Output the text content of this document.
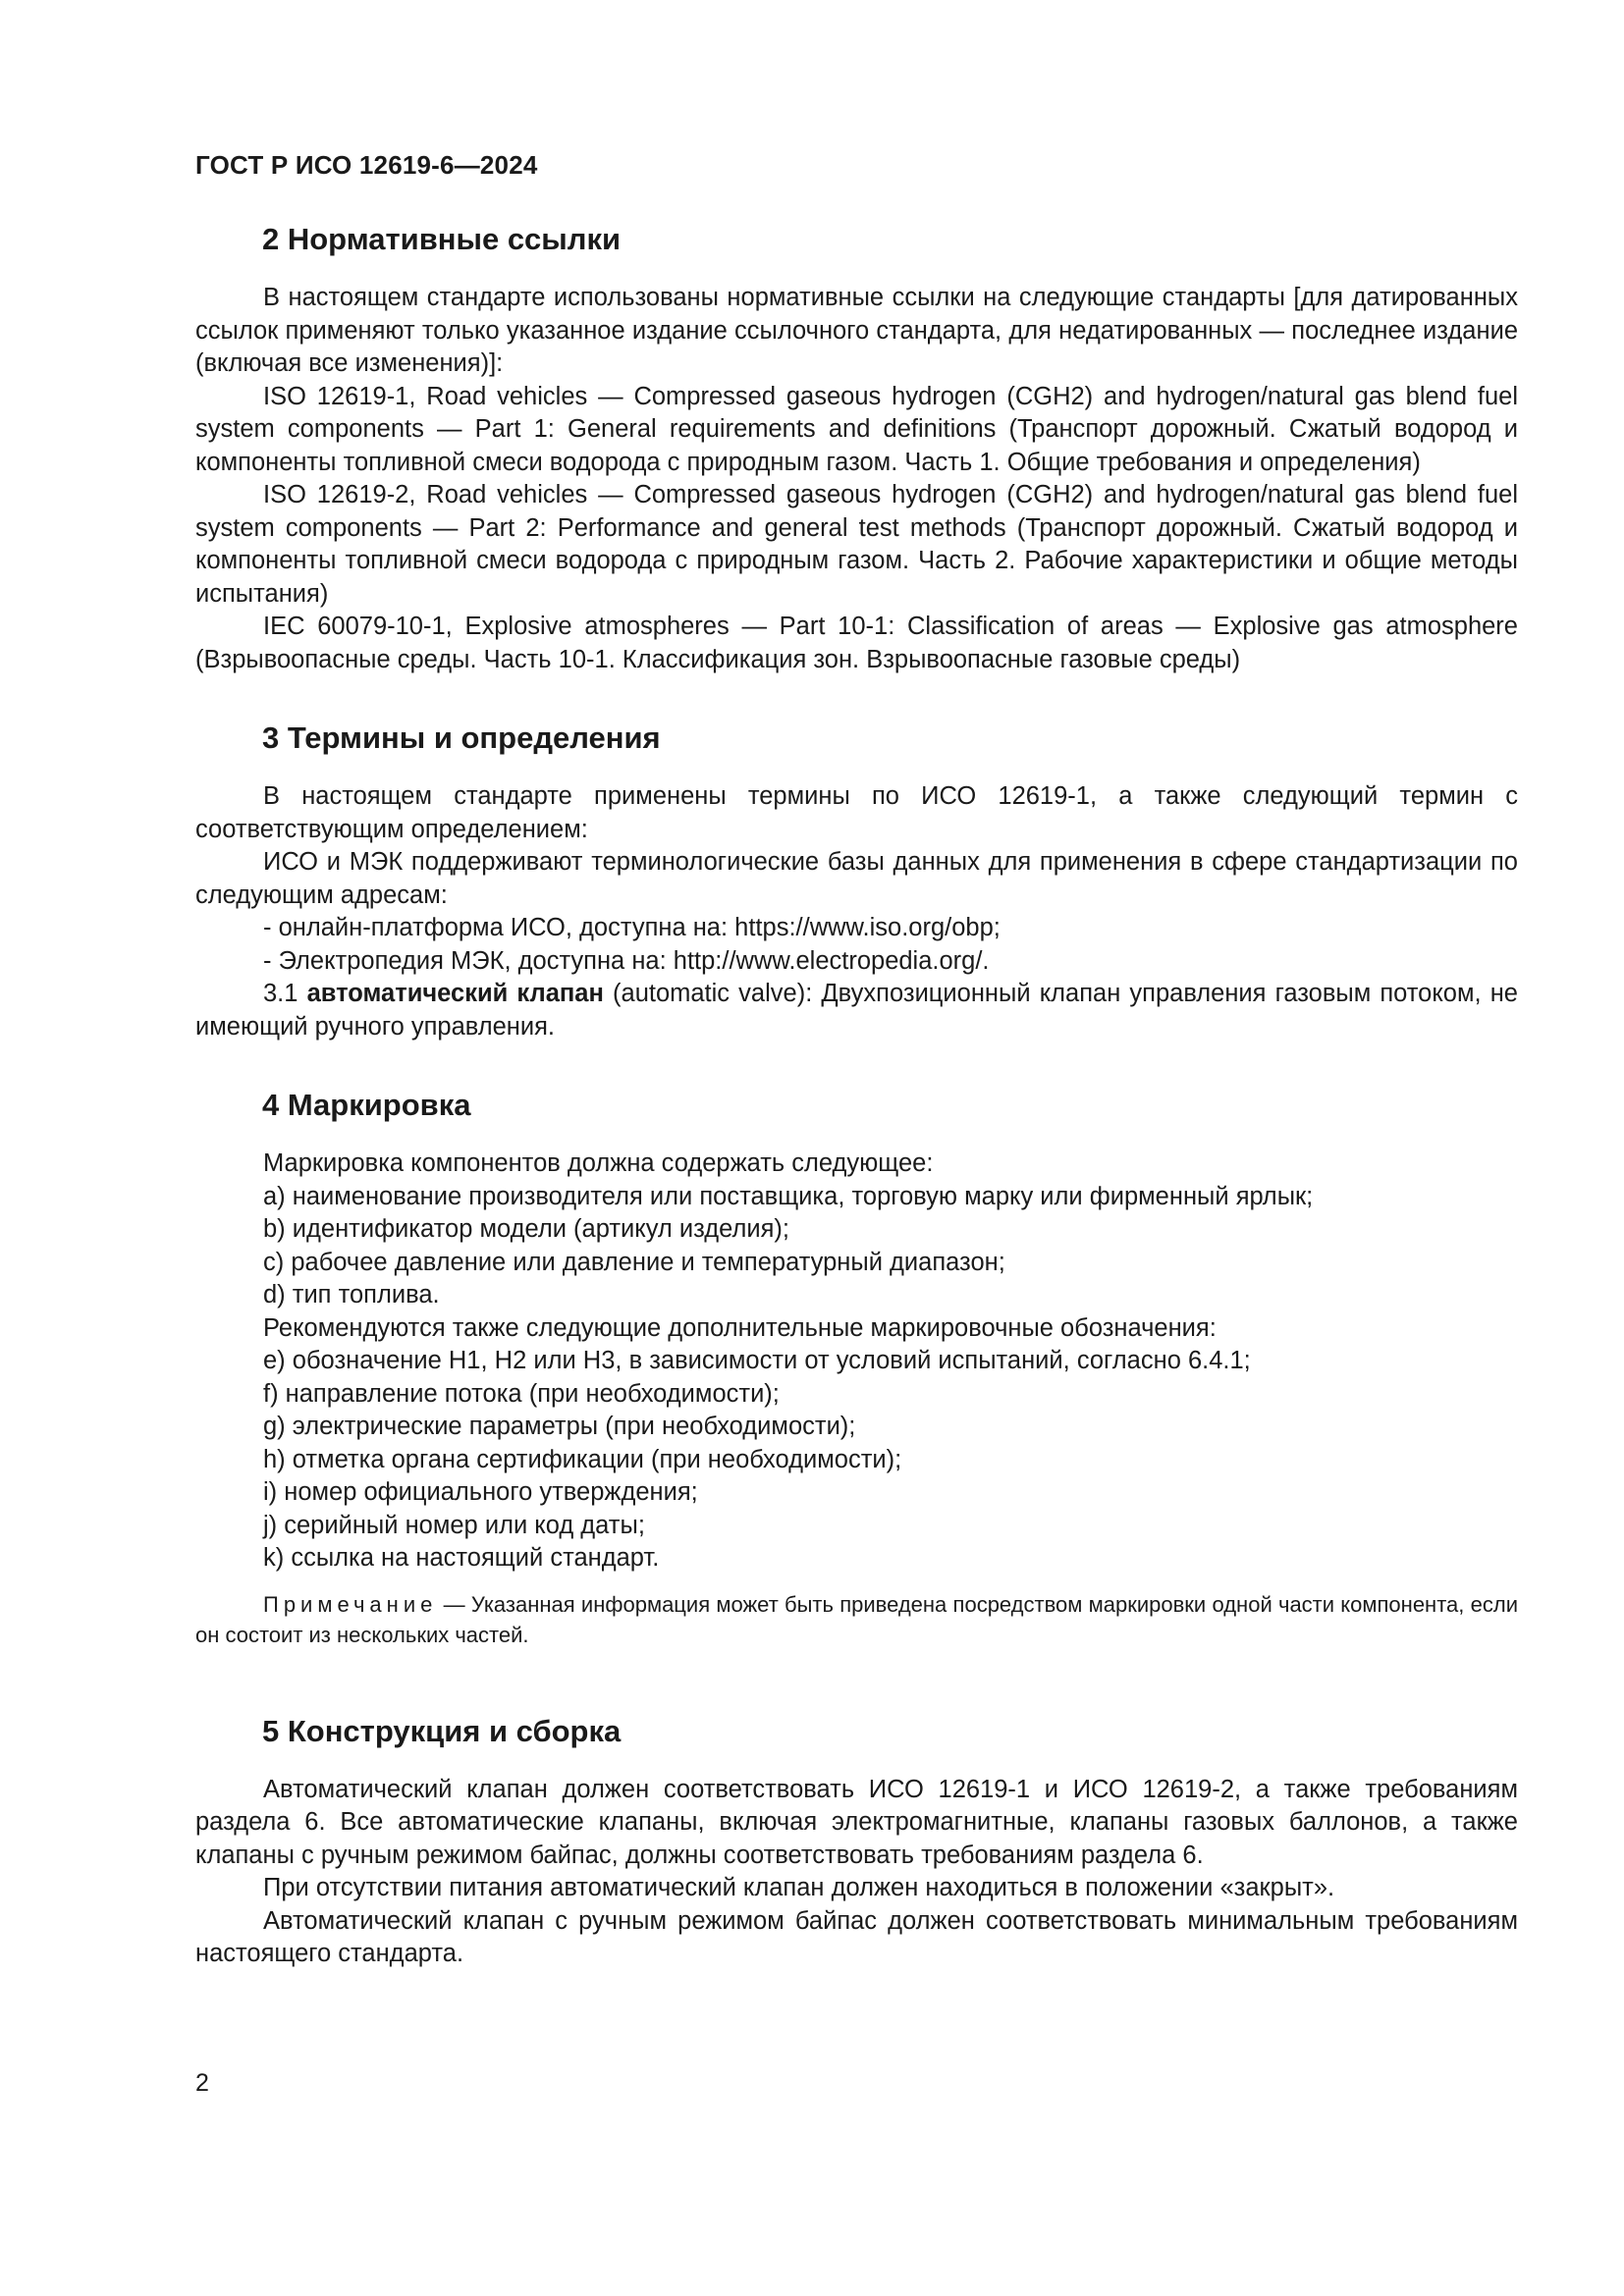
ГОСТ Р ИСО 12619-6—2024
2 Нормативные ссылки

В настоящем стандарте использованы нормативные ссылки на следующие стандарты [для датированных ссылок применяют только указанное издание ссылочного стандарта, для недатированных — последнее издание (включая все изменения)]:

ISO 12619-1, Road vehicles — Compressed gaseous hydrogen (CGH2) and hydrogen/natural gas blend fuel system components — Part 1: General requirements and definitions (Транспорт дорожный. Сжатый водород и компоненты топливной смеси водорода с природным газом. Часть 1. Общие требования и определения)

ISO 12619-2, Road vehicles — Compressed gaseous hydrogen (CGH2) and hydrogen/natural gas blend fuel system components — Part 2: Performance and general test methods (Транспорт дорожный. Сжатый водород и компоненты топливной смеси водорода с природным газом. Часть 2. Рабочие характеристики и общие методы испытания)

IEC 60079-10-1, Explosive atmospheres — Part 10-1: Classification of areas — Explosive gas atmosphere (Взрывоопасные среды. Часть 10-1. Классификация зон. Взрывоопасные газовые среды)

3 Термины и определения

В настоящем стандарте применены термины по ИСО 12619-1, а также следующий термин с соответствующим определением:

ИСО и МЭК поддерживают терминологические базы данных для применения в сфере стандартизации по следующим адресам:

- онлайн-платформа ИСО, доступна на: https://www.iso.org/obp;

- Электропедия МЭК, доступна на: http://www.electropedia.org/.

3.1 автоматический клапан (automatic valve): Двухпозиционный клапан управления газовым потоком, не имеющий ручного управления.

4 Маркировка

Маркировка компонентов должна содержать следующее:

a) наименование производителя или поставщика, торговую марку или фирменный ярлык;

b) идентификатор модели (артикул изделия);

c) рабочее давление или давление и температурный диапазон;

d) тип топлива.

Рекомендуются также следующие дополнительные маркировочные обозначения:

e) обозначение H1, H2 или H3, в зависимости от условий испытаний, согласно 6.4.1;

f) направление потока (при необходимости);

g) электрические параметры (при необходимости);

h) отметка органа сертификации (при необходимости);

i) номер официального утверждения;

j) серийный номер или код даты;

k) ссылка на настоящий стандарт.

Примечание — Указанная информация может быть приведена посредством маркировки одной части компонента, если он состоит из нескольких частей.

5 Конструкция и сборка

Автоматический клапан должен соответствовать ИСО 12619-1 и ИСО 12619-2, а также требованиям раздела 6. Все автоматические клапаны, включая электромагнитные, клапаны газовых баллонов, а также клапаны с ручным режимом байпас, должны соответствовать требованиям раздела 6.

При отсутствии питания автоматический клапан должен находиться в положении «закрыт».

Автоматический клапан с ручным режимом байпас должен соответствовать минимальным требованиям настоящего стандарта.

2
